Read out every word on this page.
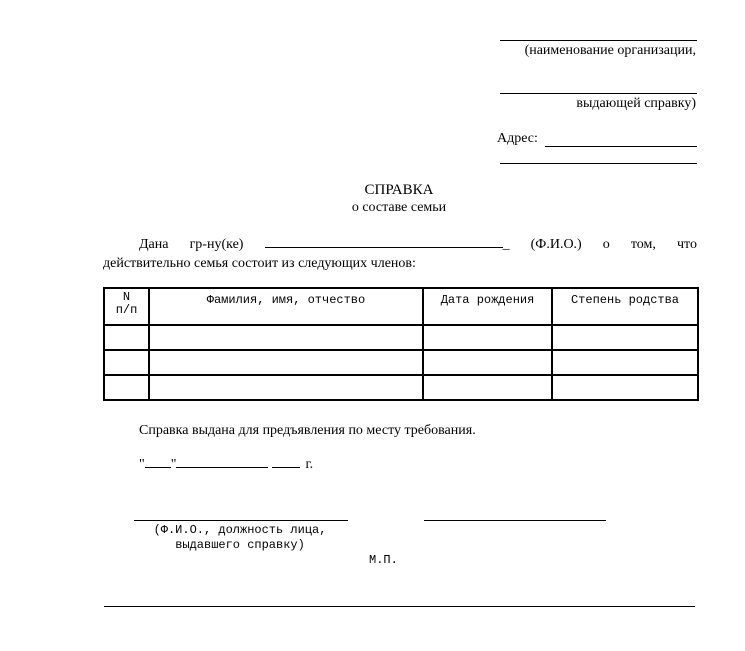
(наименование организации,
выдающей справку)
Адрес:
СПРАВКА
о составе семьи
Дана гр-ну(ке)	_ (Ф.И.О.) о том, что
действительно семья состоит из следующих членов:
N
п/п	Фамилия, имя, отчество	Дата рождения	Степень родства

Справка выдана для предъявления по месту требования.
" "	г.
(Ф.И.О., должность лица,
выдавшего справку)
М.П.
